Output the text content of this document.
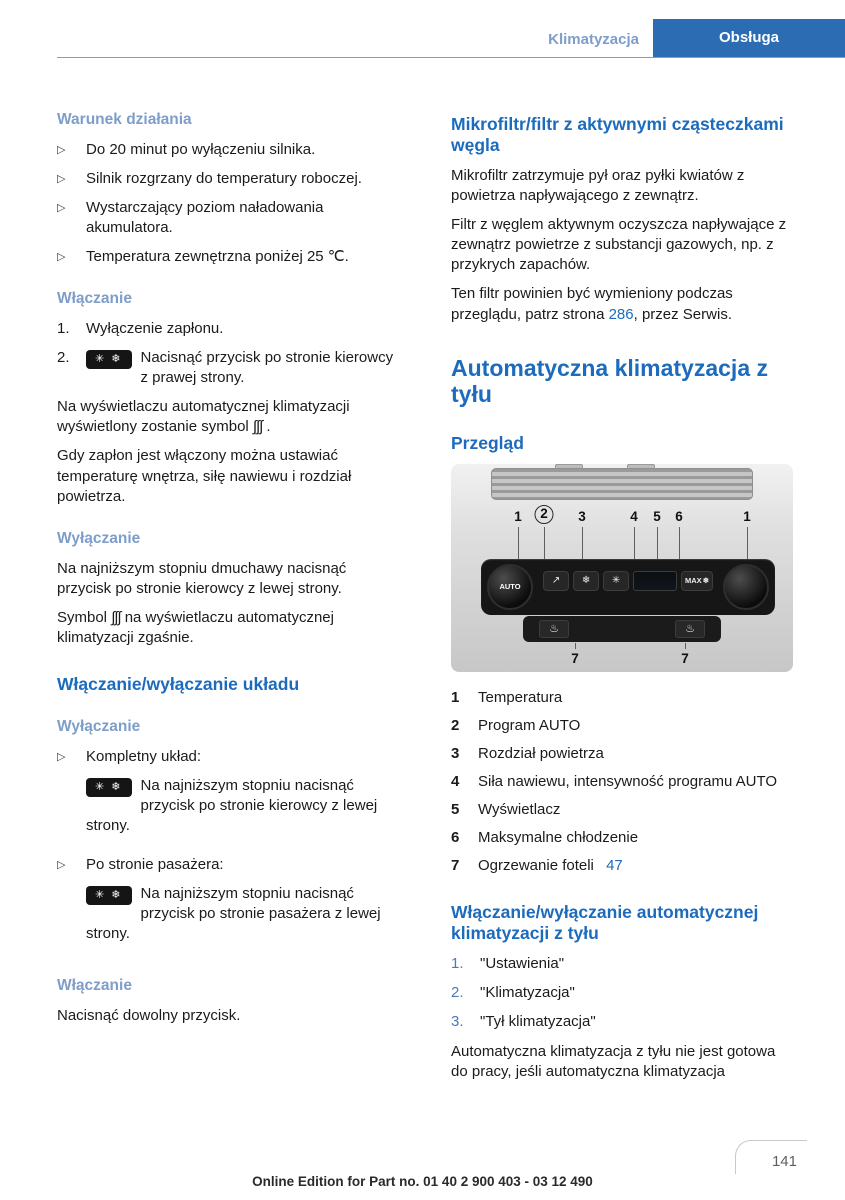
Klimatyzacja	Obsługa
Warunek działania
▷	Do 20 minut po wyłączeniu silnika.
▷	Silnik rozgrzany do temperatury roboczej.
▷	Wystarczający poziom naładowania akumulatora.
▷	Temperatura zewnętrzna poniżej 25 ℃.
Włączanie
1.	Wyłączenie zapłonu.
2.	✳ ❄	Nacisnąć przycisk po stronie kierowcy z prawej strony.

Na wyświetlaczu automatycznej klimatyzacji wyświetlony zostanie symbol ∫∫∫ .

Gdy zapłon jest włączony można ustawiać temperaturę wnętrza, siłę nawiewu i rozdział powietrza.

Wyłączanie

Na najniższym stopniu dmuchawy nacisnąć przycisk po stronie kierowcy z lewej strony.

Symbol ∫∫∫ na wyświetlaczu automatycznej klimatyzacji zgaśnie.

Włączanie/wyłączanie układu
Wyłączanie
▷	Kompletny układ:

✳ ❄	Na najniższym stopniu nacisnąć przycisk po stronie kierowcy z lewej strony.
▷	Po stronie pasażera:

✳ ❄	Na najniższym stopniu nacisnąć przycisk po stronie pasażera z lewej strony.
Włączanie

Nacisnąć dowolny przycisk.

Mikrofiltr/filtr z aktywnymi cząsteczkami węgla

Mikrofiltr zatrzymuje pył oraz pyłki kwiatów z powietrza napływającego z zewnątrz.

Filtr z węglem aktywnym oczyszcza napływające z zewnątrz powietrze z substancji gazowych, np. z przykrych zapachów.

Ten filtr powinien być wymieniony podczas przeglądu, patrz strona 286, przez Serwis.

Automatyczna klimatyzacja z tyłu
Przegląd
1	2	3	4 5 6	1
AUTO
↗	❄	✳	MAX ❄
♨	♨
7	7
1	Temperatura
2	Program AUTO
3	Rozdział powietrza
4	Siła nawiewu, intensywność programu AUTO
5	Wyświetlacz
6	Maksymalne chłodzenie
7	Ogrzewanie foteli 47
Włączanie/wyłączanie automatycznej klimatyzacji z tyłu
1.	"Ustawienia"
2.	"Klimatyzacja"
3.	"Tył klimatyzacja"

Automatyczna klimatyzacja z tyłu nie jest gotowa do pracy, jeśli automatyczna klimatyzacja

141
Online Edition for Part no. 01 40 2 900 403 - 03 12 490
